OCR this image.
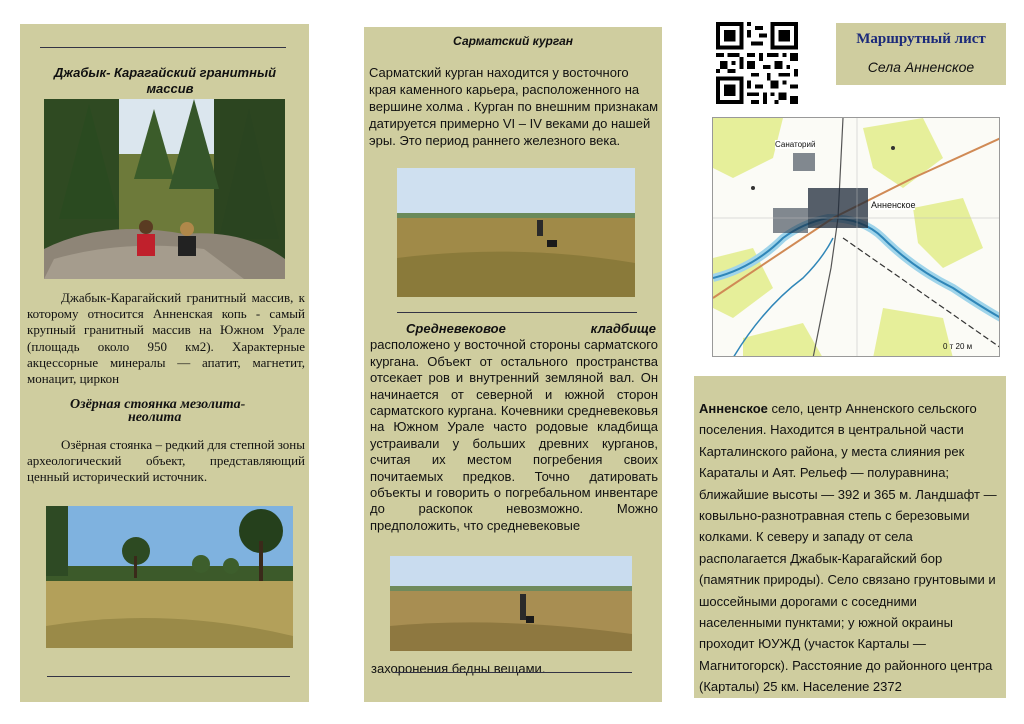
Джабык- Карагайский гранитный
массив

Джабык-Карагайский гранитный массив, к которому относится Анненская копь - самый крупный гранитный массив на Южном Урале (площадь около 950 км2). Характерные акцессорные минералы — апатит, магнетит, монацит, циркон

Озёрная стоянка мезолита-
неолита

Озёрная стоянка – редкий для степной зоны археологический объект, представляющий ценный исторический источник.

Сарматский курган

Сарматский курган находится у восточного края каменного карьера, расположенного на вершине холма . Курган по внешним признакам датируется примерно VI – IV веками до нашей эры. Это период раннего железного века.

Средневековое кладбище расположено у восточной стороны сарматского кургана. Объект от остального пространства отсекает ров и внутренний земляной вал. Он начинается от северной и южной сторон сарматского кургана. Кочевники средневековья на Южном Урале часто родовые кладбища устраивали у больших древних курганов, считая их местом погребения своих почитаемых предков. Точно датировать объекты и говорить о погребальном инвентаре до раскопок невозможно. Можно предположить, что средневековые

захоронения бедны вещами.

Маршрутный лист

Села Анненское

Анненское
Санаторий
0 т 20 м

Анненское село, центр Анненского сельского поселения. Находится в центральной части Карталинского района, у места слияния рек Караталы и Аят. Рельеф — полуравнина; ближайшие высоты — 392 и 365 м. Ландшафт — ковыльно-разнотравная степь с березовыми колками. К северу и западу от села располагается Джабык-Карагайский бор (памятник природы). Село связано грунтовыми и шоссейными дорогами с соседними населенными пунктами; у южной окраины проходит ЮУЖД (участок Карталы — Магнитогорск). Расстояние до районного центра (Карталы) 25 км. Население 2372
